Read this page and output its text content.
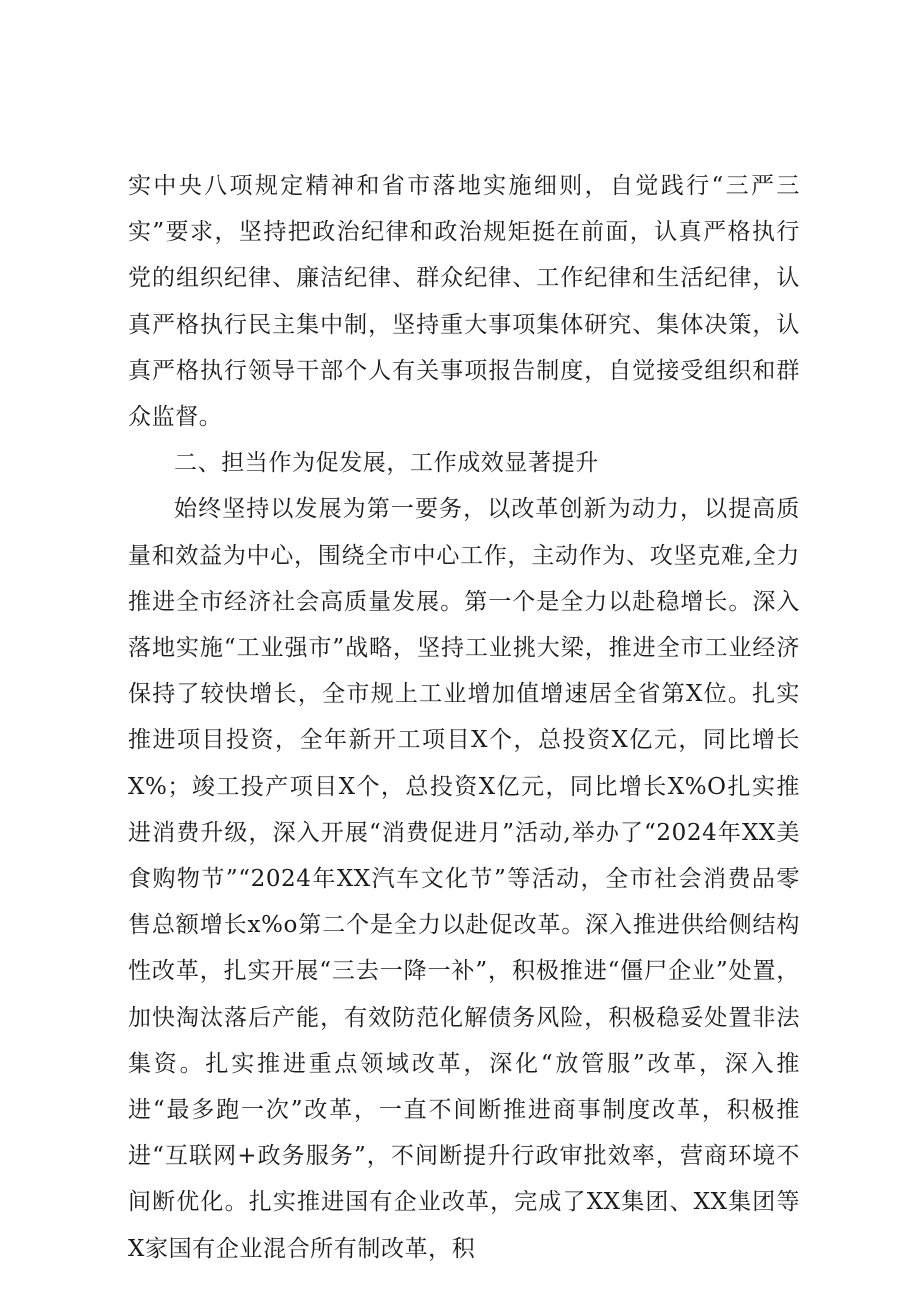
实中央八项规定精神和省市落地实施细则，自觉践行“三严三实”要求，坚持把政治纪律和政治规矩挺在前面，认真严格执行党的组织纪律、廉洁纪律、群众纪律、工作纪律和生活纪律，认真严格执行民主集中制，坚持重大事项集体研究、集体决策，认真严格执行领导干部个人有关事项报告制度，自觉接受组织和群众监督。

二、担当作为促发展，工作成效显著提升

始终坚持以发展为第一要务，以改革创新为动力，以提高质量和效益为中心，围绕全市中心工作，主动作为、攻坚克难,全力推进全市经济社会高质量发展。第一个是全力以赴稳增长。深入落地实施“工业强市”战略，坚持工业挑大梁，推进全市工业经济保持了较快增长，全市规上工业增加值增速居全省第X位。扎实推进项目投资，全年新开工项目X个，总投资X亿元，同比增长X%；竣工投产项目X个，总投资X亿元，同比增长X%O扎实推进消费升级，深入开展“消费促进月”活动,举办了“2024年XX美食购物节”“2024年XX汽车文化节”等活动，全市社会消费品零售总额增长x%o第二个是全力以赴促改革。深入推进供给侧结构性改革，扎实开展“三去一降一补”，积极推进“僵尸企业”处置，加快淘汰落后产能，有效防范化解债务风险，积极稳妥处置非法集资。扎实推进重点领域改革，深化“放管服”改革，深入推进“最多跑一次”改革，一直不间断推进商事制度改革，积极推进“互联网+政务服务”，不间断提升行政审批效率，营商环境不间断优化。扎实推进国有企业改革，完成了XX集团、XX集团等X家国有企业混合所有制改革，积
